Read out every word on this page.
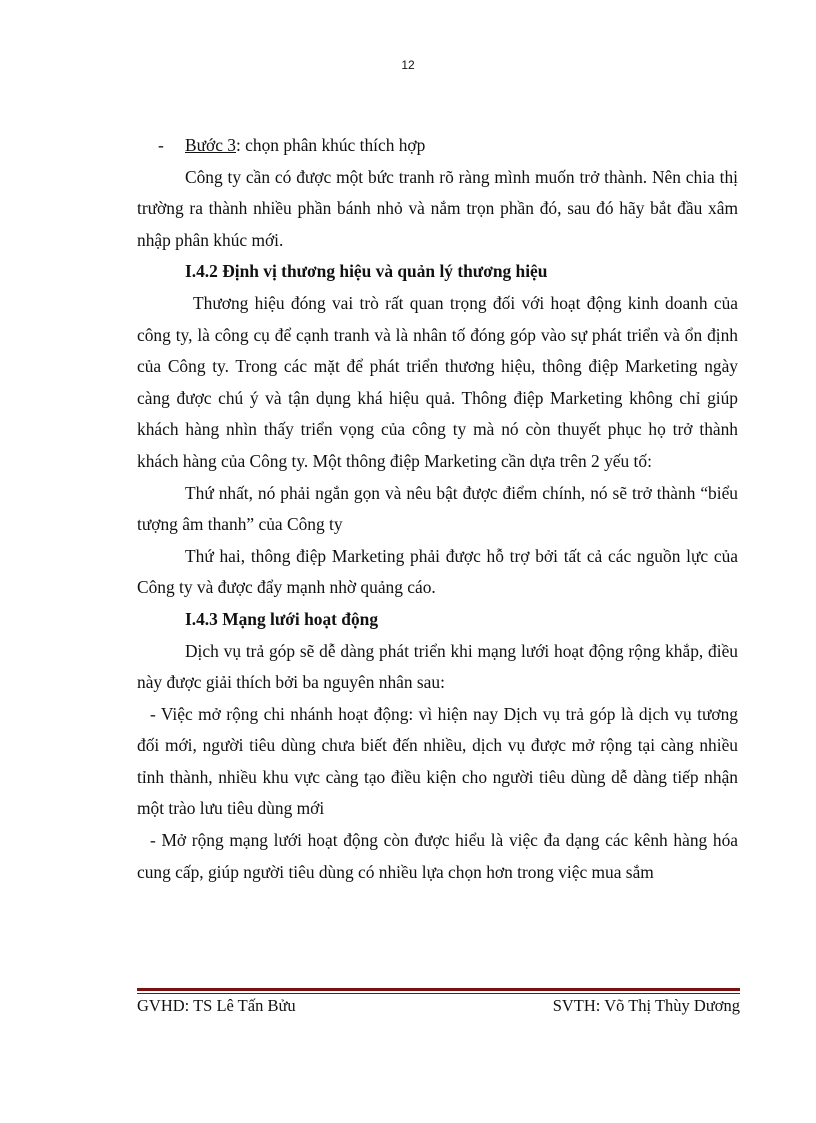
12
-	Bước 3: chọn phân khúc thích hợp

Công ty cần có được một bức tranh rõ ràng mình muốn trở thành. Nên chia thị trường ra thành nhiều phần bánh nhỏ và nắm trọn phần đó, sau đó hãy bắt đầu xâm nhập phân khúc mới.

I.4.2 Định vị thương hiệu và quản lý thương hiệu

Thương hiệu đóng vai trò rất quan trọng đối với hoạt động kinh doanh của công ty, là công cụ để cạnh tranh và là nhân tố đóng góp vào sự phát triển và ổn định của Công ty. Trong các mặt để phát triển thương hiệu, thông điệp Marketing ngày càng được chú ý và tận dụng khá hiệu quả. Thông điệp Marketing không chỉ giúp khách hàng nhìn thấy triển vọng của công ty mà nó còn thuyết phục họ trở thành khách hàng của Công ty. Một thông điệp Marketing cần dựa trên 2 yếu tố:

Thứ nhất, nó phải ngắn gọn và nêu bật được điểm chính, nó sẽ trở thành “biểu tượng âm thanh” của Công ty

Thứ hai, thông điệp Marketing phải được hỗ trợ bởi tất cả các nguồn lực của Công ty và được đẩy mạnh nhờ quảng cáo.

I.4.3 Mạng lưới hoạt động

Dịch vụ trả góp sẽ dễ dàng phát triển khi mạng lưới hoạt động rộng khắp, điều này được giải thích bởi ba nguyên nhân sau:

- Việc mở rộng chi nhánh hoạt động: vì hiện nay Dịch vụ trả góp là dịch vụ tương đối mới, người tiêu dùng chưa biết đến nhiều, dịch vụ được mở rộng tại càng nhiều tỉnh thành, nhiều khu vực càng tạo điều kiện cho người tiêu dùng dễ dàng tiếp nhận một trào lưu tiêu dùng mới

- Mở rộng mạng lưới hoạt động còn được hiểu là việc đa dạng các kênh hàng hóa cung cấp, giúp người tiêu dùng có nhiều lựa chọn hơn trong việc mua sắm

GVHD: TS Lê Tấn Bửu	SVTH: Võ Thị Thùy Dương
